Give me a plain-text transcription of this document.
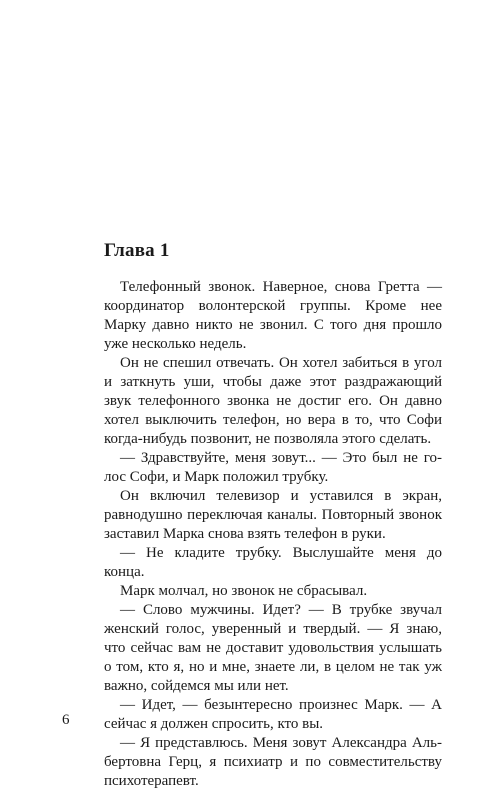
Глава 1

Телефонный звонок. Наверное, снова Гретта — координатор волонтерской группы. Кроме нее Марку давно никто не звонил. С того дня прошло уже несколько недель.

Он не спешил отвечать. Он хотел забиться в угол и заткнуть уши, чтобы даже этот раздражающий звук телефонного звонка не достиг его. Он давно хотел выключить телефон, но вера в то, что Софи когда-нибудь позвонит, не позволяла этого сделать.

— Здравствуйте, меня зовут... — Это был не голос Софи, и Марк положил трубку.

Он включил телевизор и уставился в экран, равнодушно переключая каналы. Повторный звонок заставил Марка снова взять телефон в руки.

— Не кладите трубку. Выслушайте меня до конца.

Марк молчал, но звонок не сбрасывал.

— Слово мужчины. Идет? — В трубке звучал женский голос, уверенный и твердый. — Я знаю, что сейчас вам не доставит удовольствия услышать о том, кто я, но и мне, знаете ли, в целом не так уж важно, сойдемся мы или нет.

— Идет, — безынтересно произнес Марк. — А сейчас я должен спросить, кто вы.

— Я представлюсь. Меня зовут Александра Альбертовна Герц, я психиатр и по совместительству психотерапевт.

6
